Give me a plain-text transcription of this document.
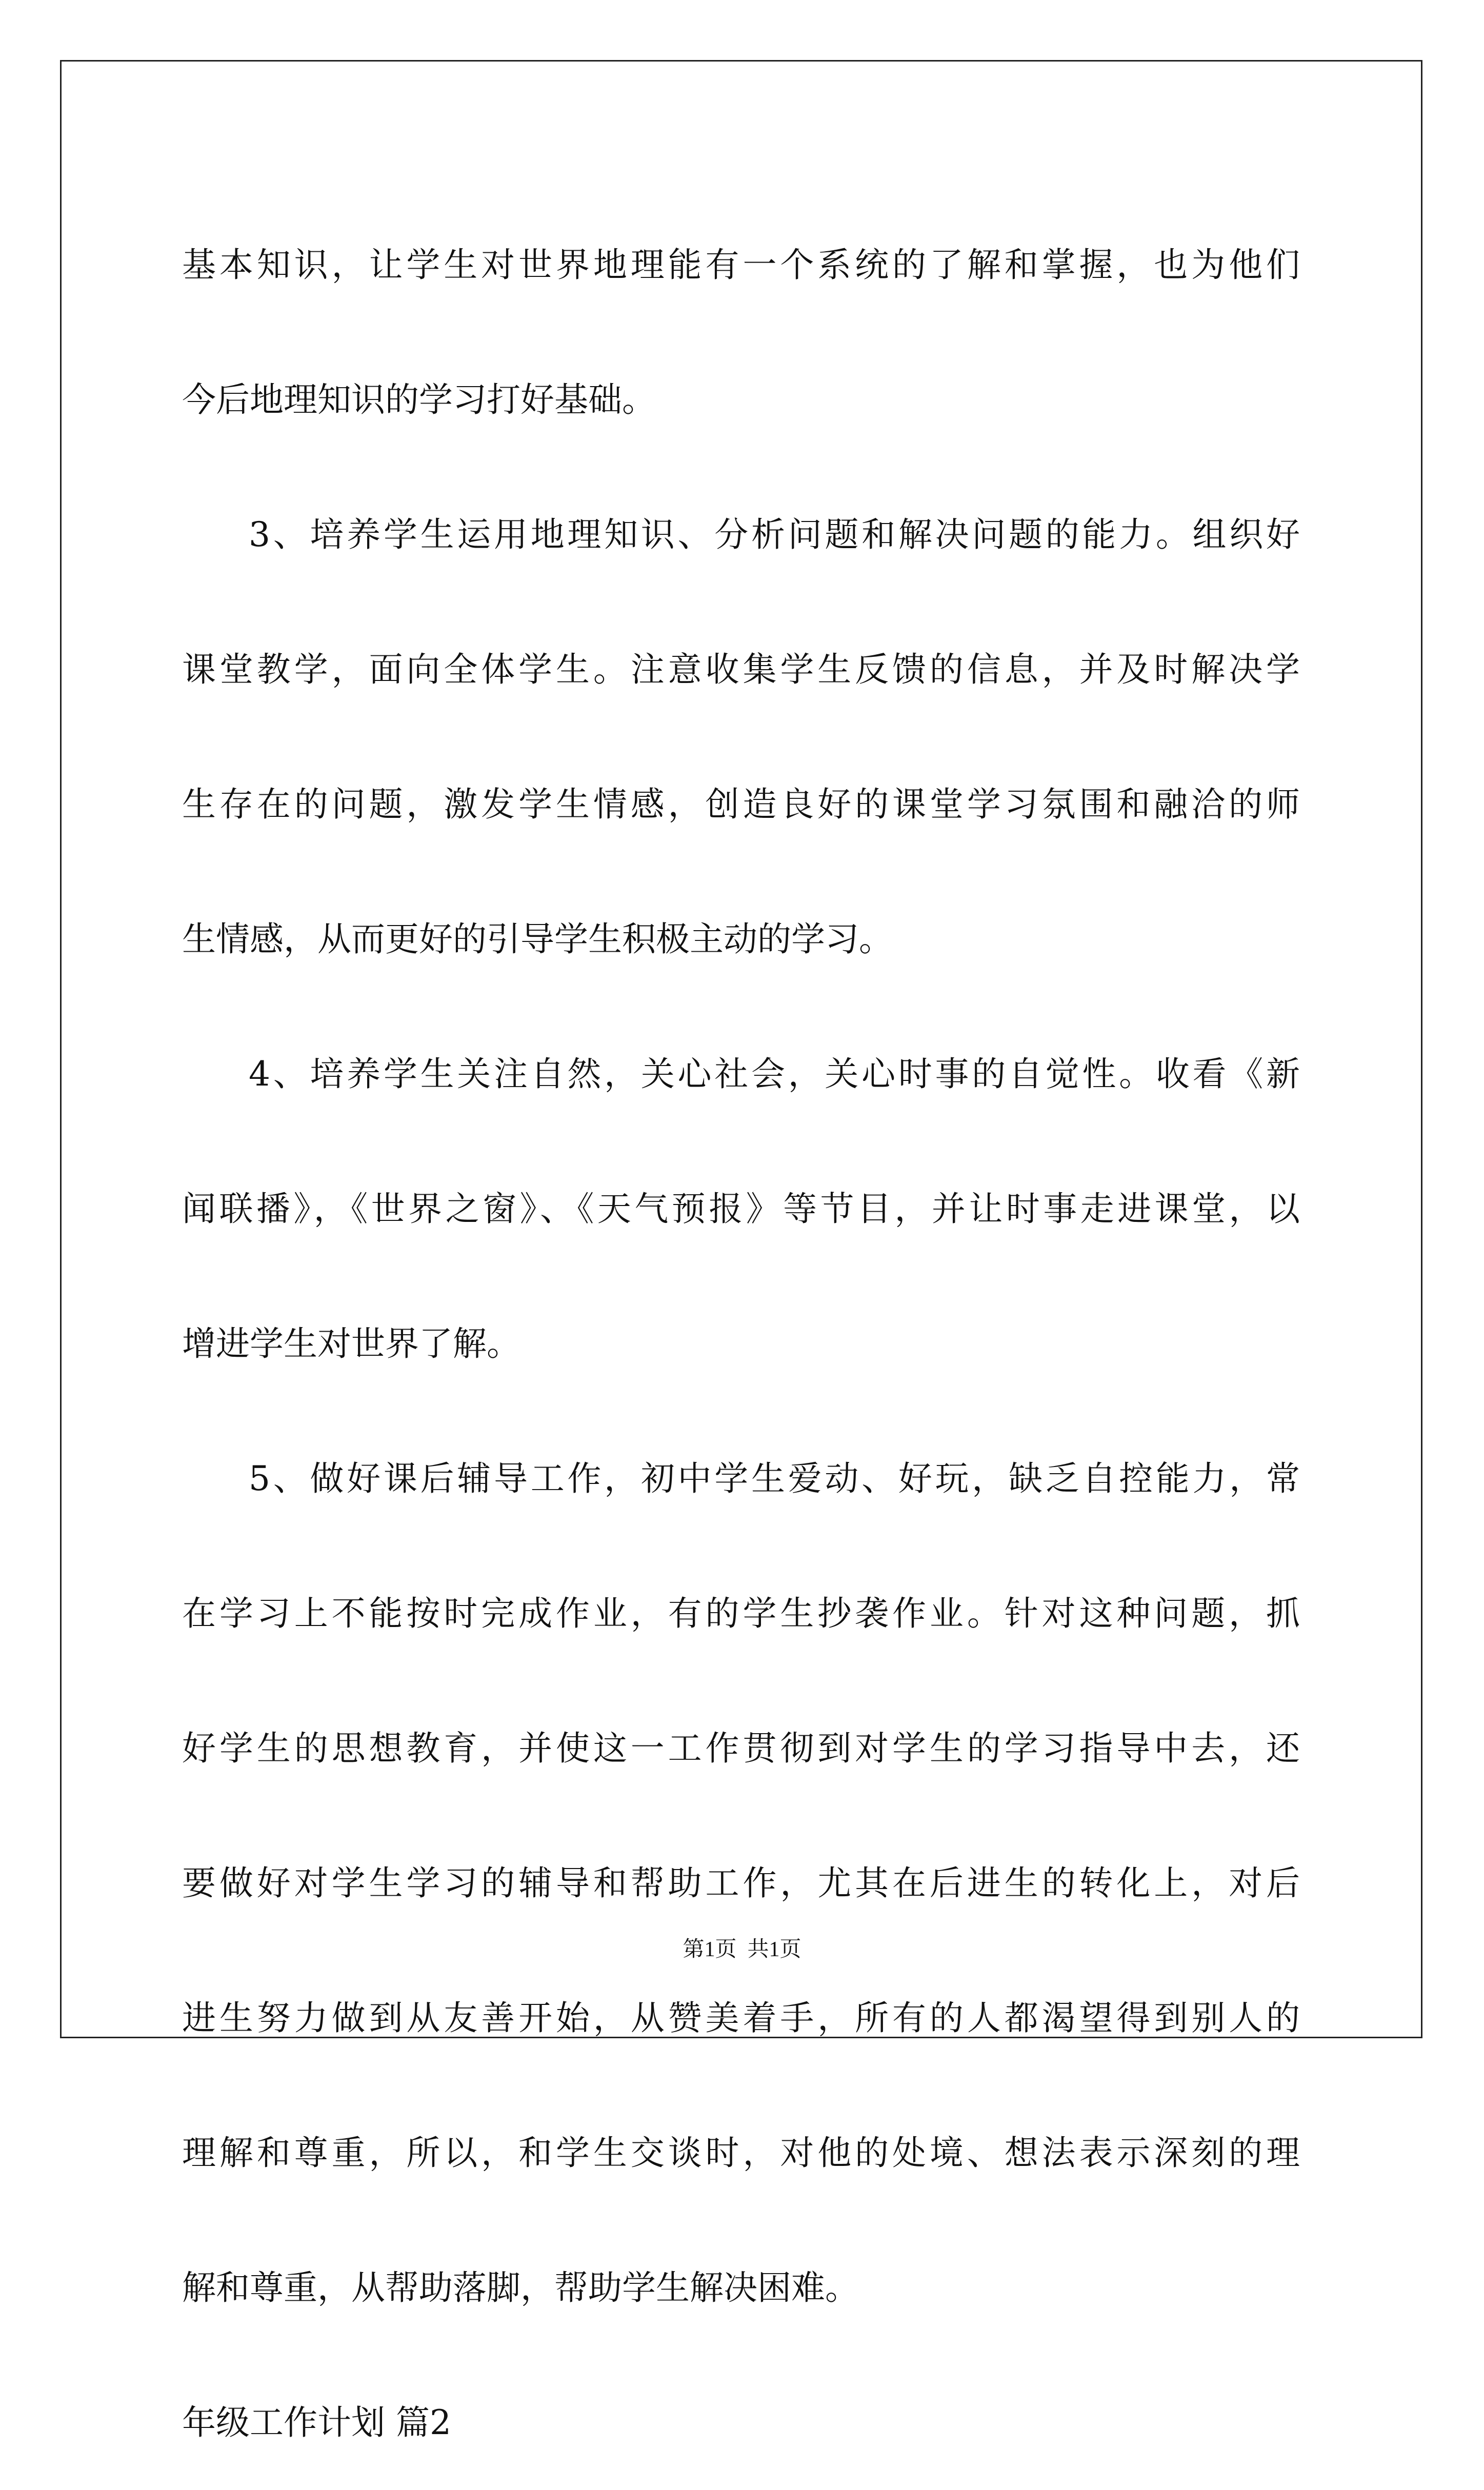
基本知识，让学生对世界地理能有一个系统的了解和掌握，也为他们
今后地理知识的学习打好基础。
3、培养学生运用地理知识、分析问题和解决问题的能力。组织好
课堂教学，面向全体学生。注意收集学生反馈的信息，并及时解决学
生存在的问题，激发学生情感，创造良好的课堂学习氛围和融洽的师
生情感，从而更好的引导学生积极主动的学习。
4、培养学生关注自然，关心社会，关心时事的自觉性。收看《新
闻联播》，《世界之窗》、《天气预报》等节目，并让时事走进课堂，以
增进学生对世界了解。
5、做好课后辅导工作，初中学生爱动、好玩，缺乏自控能力，常
在学习上不能按时完成作业，有的学生抄袭作业。针对这种问题，抓
好学生的思想教育，并使这一工作贯彻到对学生的学习指导中去，还
要做好对学生学习的辅导和帮助工作，尤其在后进生的转化上，对后
进生努力做到从友善开始，从赞美着手，所有的人都渴望得到别人的
理解和尊重，所以，和学生交谈时，对他的处境、想法表示深刻的理
解和尊重，从帮助落脚，帮助学生解决困难。
年级工作计划 篇2
第1页  共1页
